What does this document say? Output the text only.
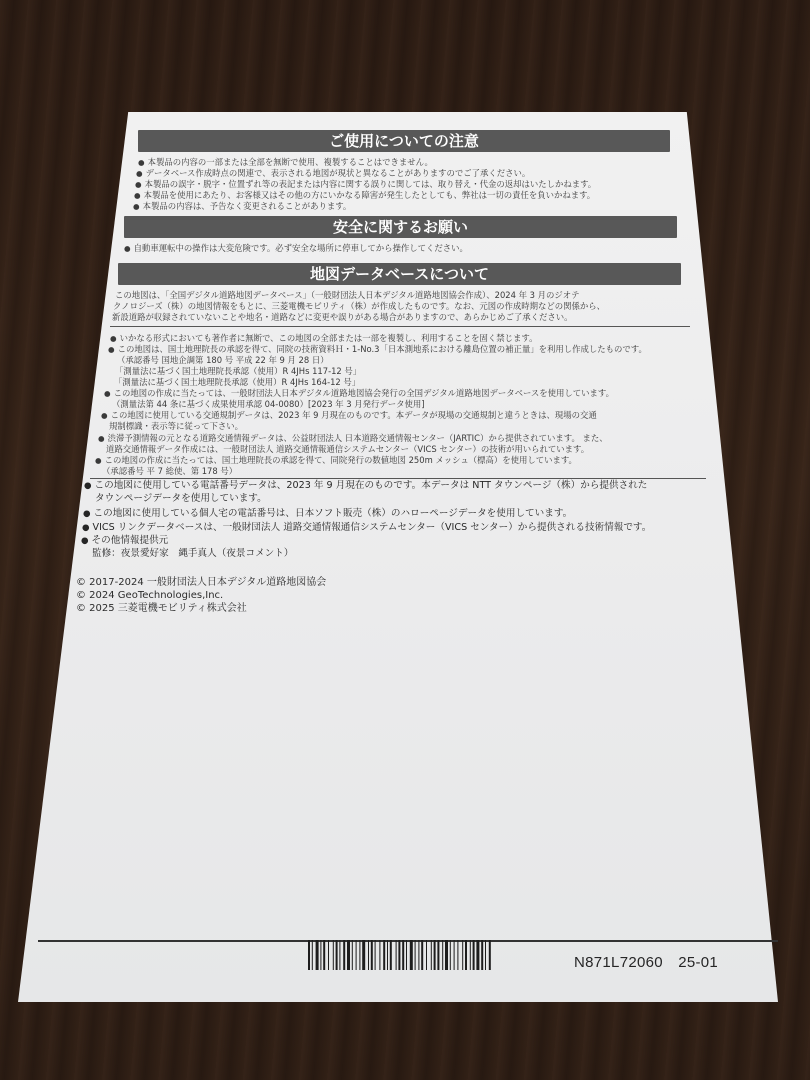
ご使用についての注意
● 本製品の内容の一部または全部を無断で使用、複製することはできません。
● データベース作成時点の関連で、表示される地図が現状と異なることがありますのでご了承ください。
● 本製品の誤字・脱字・位置ずれ等の表記または内容に関する誤りに関しては、取り替え・代金の返却はいたしかねます。
● 本製品を使用にあたり、お客様又はその他の方にいかなる障害が発生したとしても、弊社は一切の責任を負いかねます。
● 本製品の内容は、予告なく変更されることがあります。
安全に関するお願い
● 自動車運転中の操作は大変危険です。必ず安全な場所に停車してから操作してください。
地図データベースについて
この地図は、「全国デジタル道路地図データベース」（一般財団法人日本デジタル道路地図協会作成）、2024 年 3 月のジオテ
クノロジーズ（株）の地図情報をもとに、三菱電機モビリティ（株）が作成したものです。なお、元図の作成時期などの関係から、
新設道路が収録されていないことや地名・道路などに変更や誤りがある場合がありますので、あらかじめご了承ください。
● いかなる形式においても著作者に無断で、この地図の全部または一部を複製し、利用することを固く禁じます。
● この地図は、国土地理院長の承認を得て、同院の技術資料Ｈ・1-No.3「日本測地系における離島位置の補正量」を利用し作成したものです。
（承認番号 国地企調第 180 号 平成 22 年 9 月 28 日）
「測量法に基づく国土地理院長承認（使用）R 4JHs 117-12 号」
「測量法に基づく国土地理院長承認（使用）R 4JHs 164-12 号」
● この地図の作成に当たっては、一般財団法人日本デジタル道路地図協会発行の全国デジタル道路地図データベースを使用しています。
（測量法第 44 条に基づく成果使用承認 04-0080）[2023 年 3 月発行データ使用]
● この地図に使用している交通規制データは、2023 年 9 月現在のものです。本データが現場の交通規制と違うときは、現場の交通
規制標識・表示等に従って下さい。
● 渋滞予測情報の元となる道路交通情報データは、公益財団法人 日本道路交通情報センター（JARTIC）から提供されています。 また、
道路交通情報データ作成には、一般財団法人 道路交通情報通信システムセンター（VICS センター）の技術が用いられています。
● この地図の作成に当たっては、国土地理院長の承認を得て、同院発行の数値地図 250m メッシュ（標高）を使用しています。
（承認番号 平 7 総使、第 178 号）
● この地図に使用している電話番号データは、2023 年 9 月現在のものです。本データは NTT タウンページ（株）から提供された
タウンページデータを使用しています。
● この地図に使用している個人宅の電話番号は、日本ソフト販売（株）のハローページデータを使用しています。
● VICS リンクデータベースは、一般財団法人 道路交通情報通信システムセンター（VICS センター）から提供される技術情報です。
● その他情報提供元
監修：夜景愛好家　縄手真人（夜景コメント）
© 2017-2024 一般財団法人日本デジタル道路地図協会
© 2024 GeoTechnologies,Inc.
© 2025 三菱電機モビリティ株式会社
N871L72060　25-01
